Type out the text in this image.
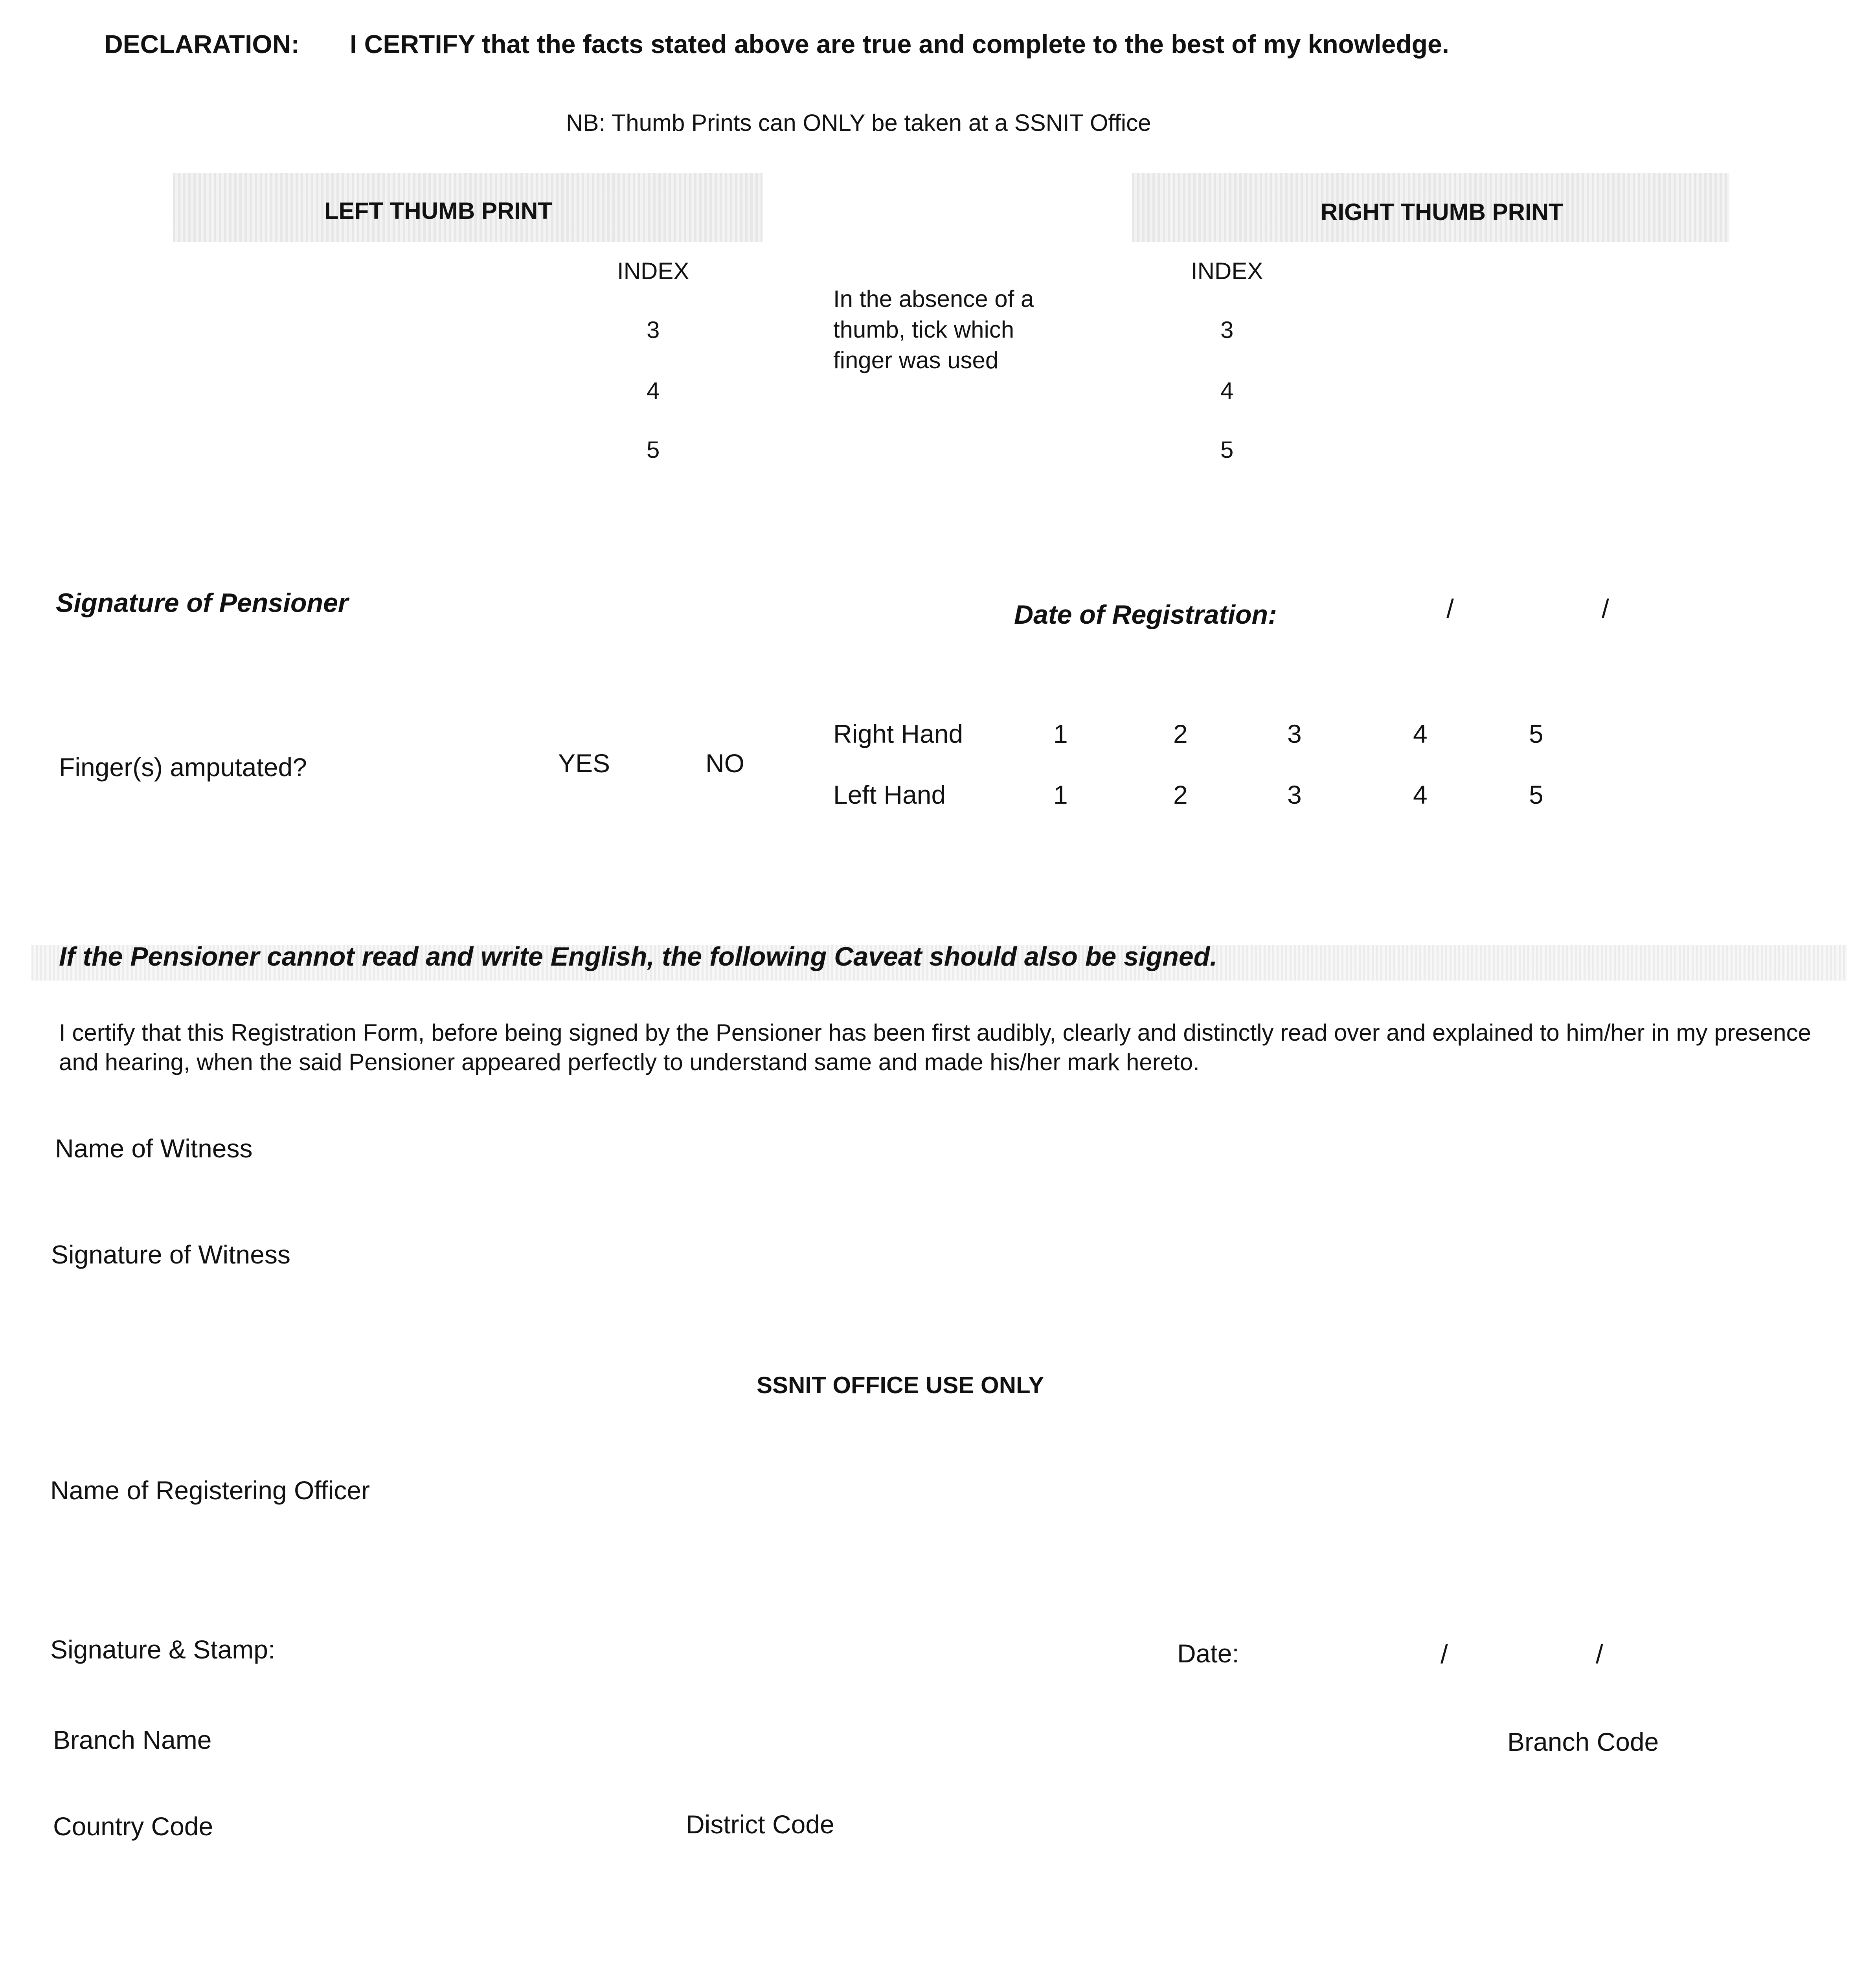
DECLARATION: I CERTIFY that the facts stated above are true and complete to the best of my knowledge.
NB: Thumb Prints can ONLY be taken at a SSNIT Office
LEFT THUMB PRINT	RIGHT THUMB PRINT
INDEX
3
4
5
In the absence of a thumb, tick which finger was used
INDEX
3
4
5
Signature of Pensioner	Date of Registration:	/	/
Finger(s) amputated?	YES	NO
Right Hand	1	2	3	4	5
Left Hand	1	2	3	4	5
If the Pensioner cannot read and write English, the following Caveat should also be signed.
I certify that this Registration Form, before being signed by the Pensioner has been first audibly, clearly and distinctly read over and explained to him/her in my presence and hearing, when the said Pensioner appeared perfectly to understand same and made his/her mark hereto.
Name of Witness
Signature of Witness
SSNIT OFFICE USE ONLY
Name of Registering Officer
Signature & Stamp:	Date:	/	/
Branch Name	Branch Code
Country Code	District Code
